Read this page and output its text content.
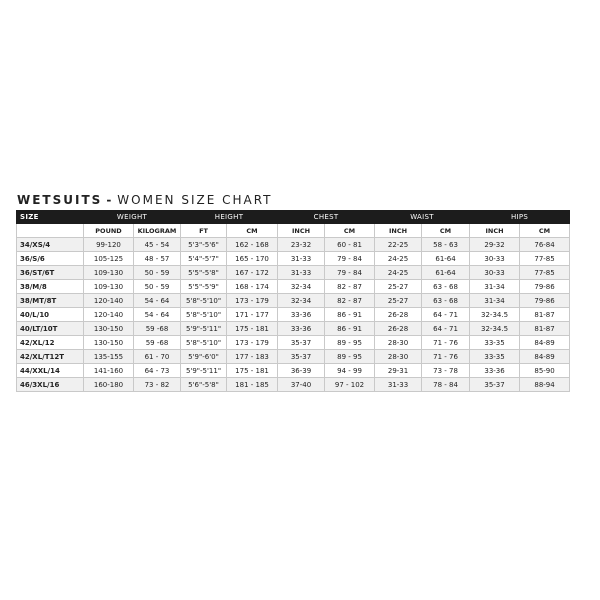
WETSUITS - WOMEN SIZE CHART
SIZE	WEIGHT		HEIGHT		CHEST		WAIST		HIPS	
	POUND	KILOGRAM	FT	CM	INCH	CM	INCH	CM	INCH	CM
34/XS/4	99-120	45 - 54	5'3"-5'6"	162 - 168	23-32	60 - 81	22-25	58 - 63	29-32	76-84
36/S/6	105-125	48 - 57	5'4"-5'7"	165 - 170	31-33	79 - 84	24-25	61-64	30-33	77-85
36/ST/6T	109-130	50 - 59	5'5"-5'8"	167 - 172	31-33	79 - 84	24-25	61-64	30-33	77-85
38/M/8	109-130	50 - 59	5'5"-5'9"	168 - 174	32-34	82 - 87	25-27	63 - 68	31-34	79-86
38/MT/8T	120-140	54 - 64	5'8"-5'10"	173 - 179	32-34	82 - 87	25-27	63 - 68	31-34	79-86
40/L/10	120-140	54 - 64	5'8"-5'10"	171 - 177	33-36	86 - 91	26-28	64 - 71	32-34.5	81-87
40/LT/10T	130-150	59 -68	5'9"-5'11"	175 - 181	33-36	86 - 91	26-28	64 - 71	32-34.5	81-87
42/XL/12	130-150	59 -68	5'8"-5'10"	173 - 179	35-37	89 - 95	28-30	71 - 76	33-35	84-89
42/XL/T12T	135-155	61 - 70	5'9"-6'0"	177 - 183	35-37	89 - 95	28-30	71 - 76	33-35	84-89
44/XXL/14	141-160	64 - 73	5'9"-5'11"	175 - 181	36-39	94 - 99	29-31	73 - 78	33-36	85-90
46/3XL/16	160-180	73 - 82	5'6"-5'8"	181 - 185	37-40	97 - 102	31-33	78 - 84	35-37	88-94
